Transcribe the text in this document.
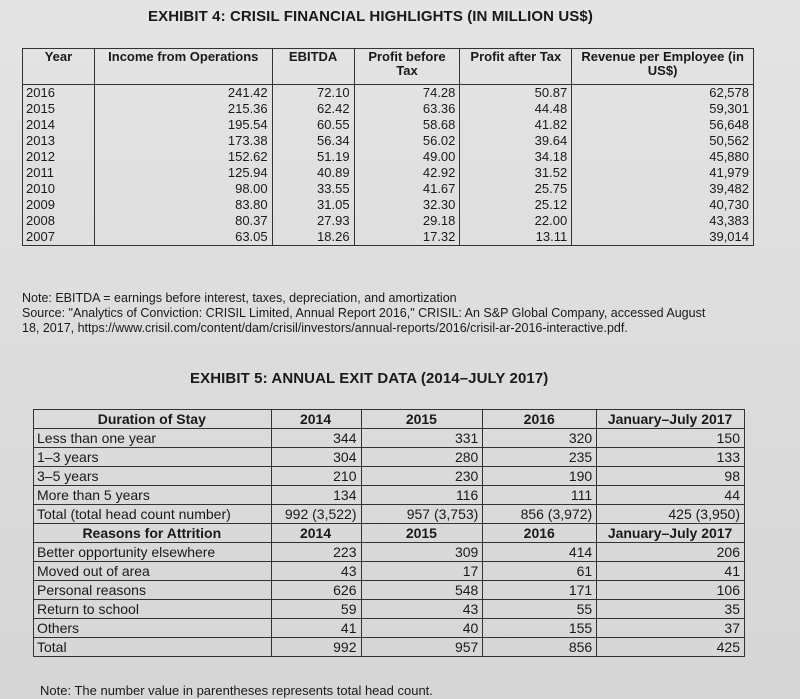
EXHIBIT 4: CRISIL FINANCIAL HIGHLIGHTS (IN MILLION US$)
Year	Income from Operations	EBITDA	Profit before Tax	Profit after Tax	Revenue per Employee (in US$)
2016	241.42	72.10	74.28	50.87	62,578
2015	215.36	62.42	63.36	44.48	59,301
2014	195.54	60.55	58.68	41.82	56,648
2013	173.38	56.34	56.02	39.64	50,562
2012	152.62	51.19	49.00	34.18	45,880
2011	125.94	40.89	42.92	31.52	41,979
2010	98.00	33.55	41.67	25.75	39,482
2009	83.80	31.05	32.30	25.12	40,730
2008	80.37	27.93	29.18	22.00	43,383
2007	63.05	18.26	17.32	13.11	39,014
Note: EBITDA = earnings before interest, taxes, depreciation, and amortization
Source: "Analytics of Conviction: CRISIL Limited, Annual Report 2016," CRISIL: An S&P Global Company, accessed August
18, 2017, https://www.crisil.com/content/dam/crisil/investors/annual-reports/2016/crisil-ar-2016-interactive.pdf.
EXHIBIT 5: ANNUAL EXIT DATA (2014–JULY 2017)
Duration of Stay	2014	2015	2016	January–July 2017
Less than one year	344	331	320	150
1–3 years	304	280	235	133
3–5 years	210	230	190	98
More than 5 years	134	116	111	44
Total (total head count number)	992 (3,522)	957 (3,753)	856 (3,972)	425 (3,950)
Reasons for Attrition	2014	2015	2016	January–July 2017
Better opportunity elsewhere	223	309	414	206
Moved out of area	43	17	61	41
Personal reasons	626	548	171	106
Return to school	59	43	55	35
Others	41	40	155	37
Total	992	957	856	425
Note: The number value in parentheses represents total head count.
